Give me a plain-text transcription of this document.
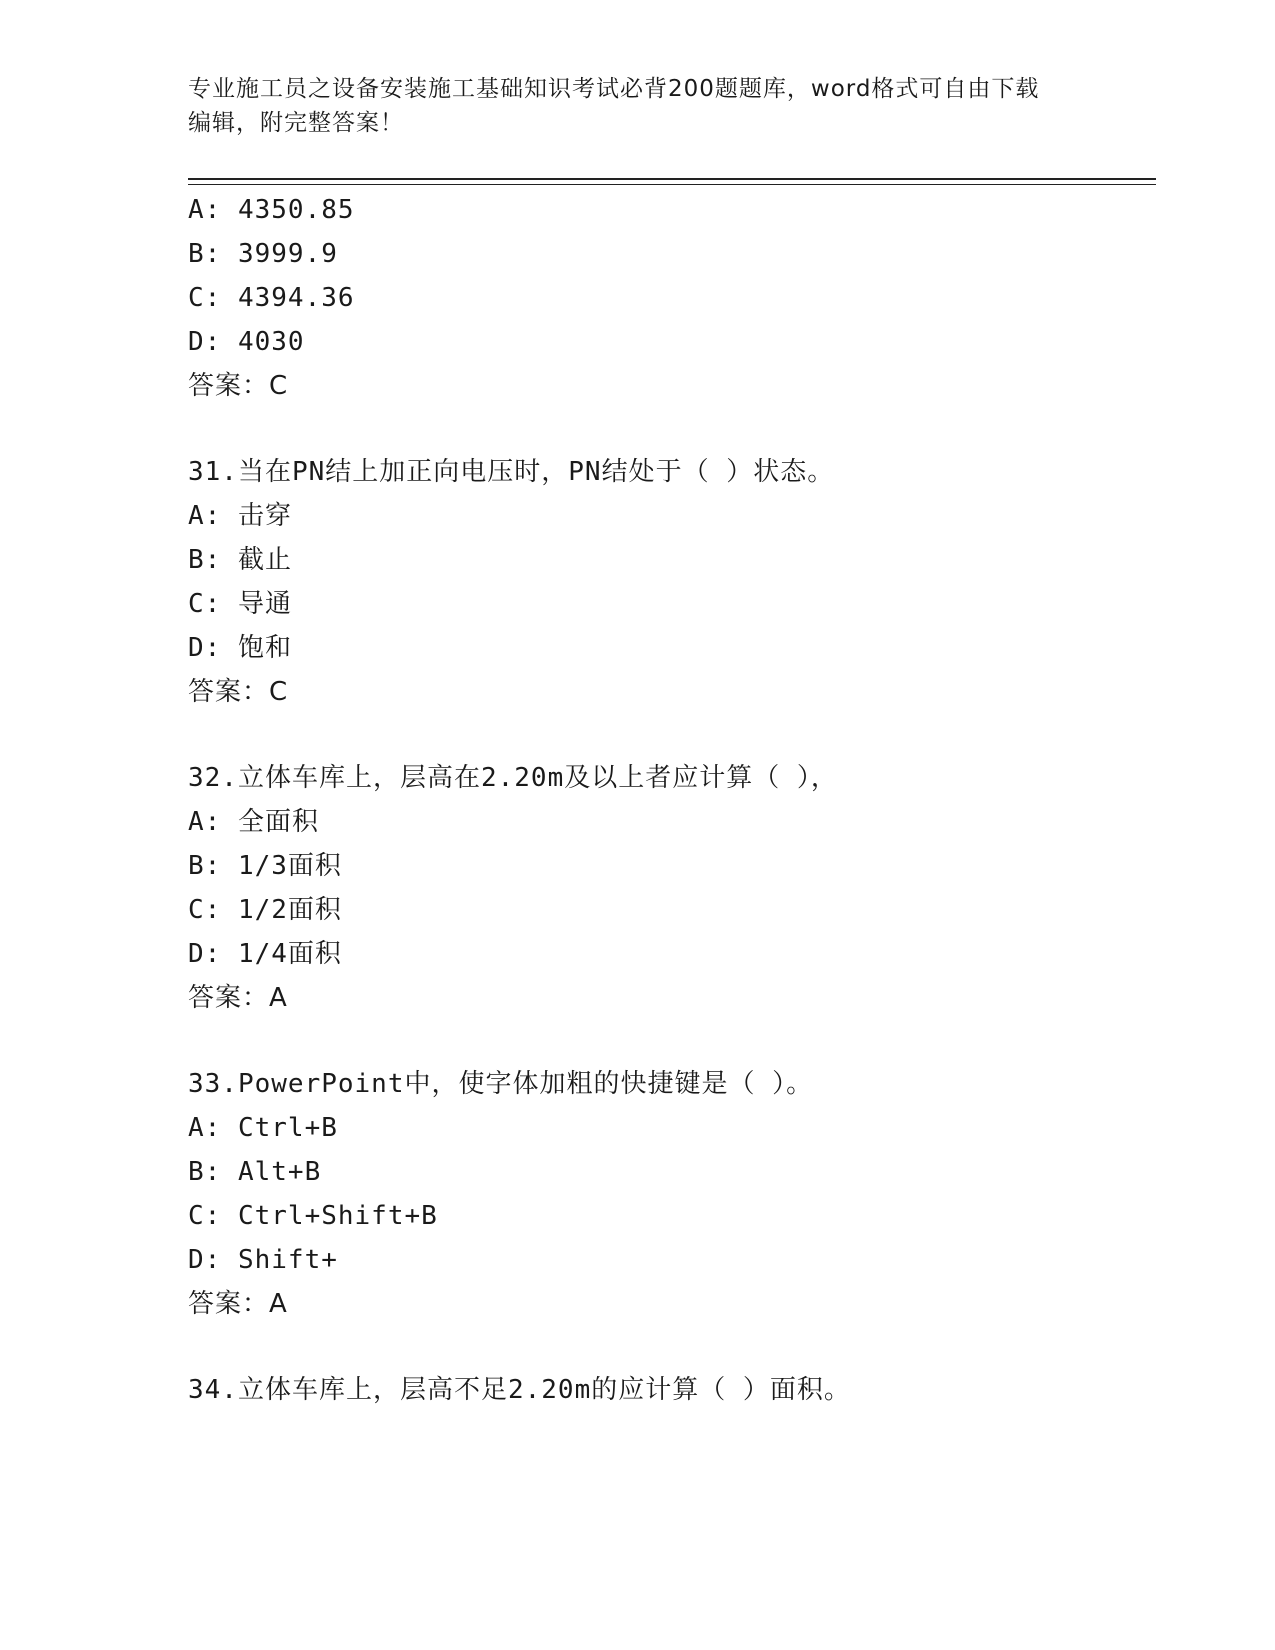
专业施工员之设备安装施工基础知识考试必背200题题库，word格式可自由下载
编辑，附完整答案！
A: 4350.85
B: 3999.9
C: 4394.36
D: 4030
答案：C
31.当在PN结上加正向电压时，PN结处于（ ）状态。
A: 击穿
B: 截止
C: 导通
D: 饱和
答案：C
32.立体车库上，层高在2.20m及以上者应计算（ ），
A: 全面积
B: 1/3面积
C: 1/2面积
D: 1/4面积
答案：A
33.PowerPoint中，使字体加粗的快捷键是（ ）。
A: Ctrl+B
B: Alt+B
C: Ctrl+Shift+B
D: Shift+
答案：A
34.立体车库上，层高不足2.20m的应计算（ ）面积。
